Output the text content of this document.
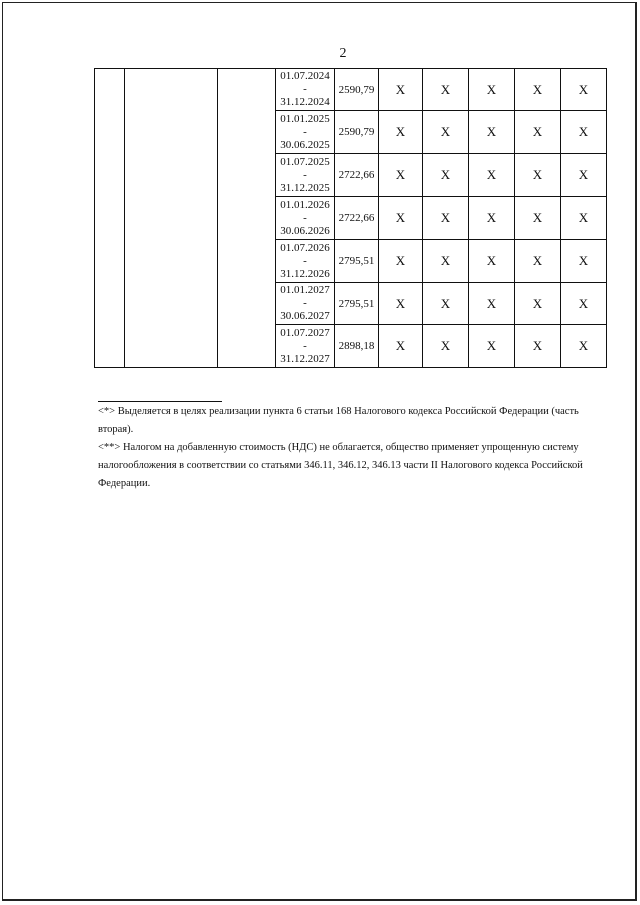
2

			01.07.2024
-
31.12.2024	2590,79	X	X	X	X	X

			01.01.2025
-
30.06.2025	2590,79	X	X	X	X	X

			01.07.2025
-
31.12.2025	2722,66	X	X	X	X	X

			01.01.2026
-
30.06.2026	2722,66	X	X	X	X	X

			01.07.2026
-
31.12.2026	2795,51	X	X	X	X	X

			01.01.2027
-
30.06.2027	2795,51	X	X	X	X	X

			01.07.2027
-
31.12.2027	2898,18	X	X	X	X	X

<*> Выделяется в целях реализации пункта 6 статьи 168 Налогового кодекса Российской Федерации (часть вторая).

<**> Налогом на добавленную стоимость (НДС) не облагается, общество применяет упрощенную систему налогообложения в соответствии со статьями 346.11, 346.12, 346.13 части II Налогового кодекса Российской Федерации.
